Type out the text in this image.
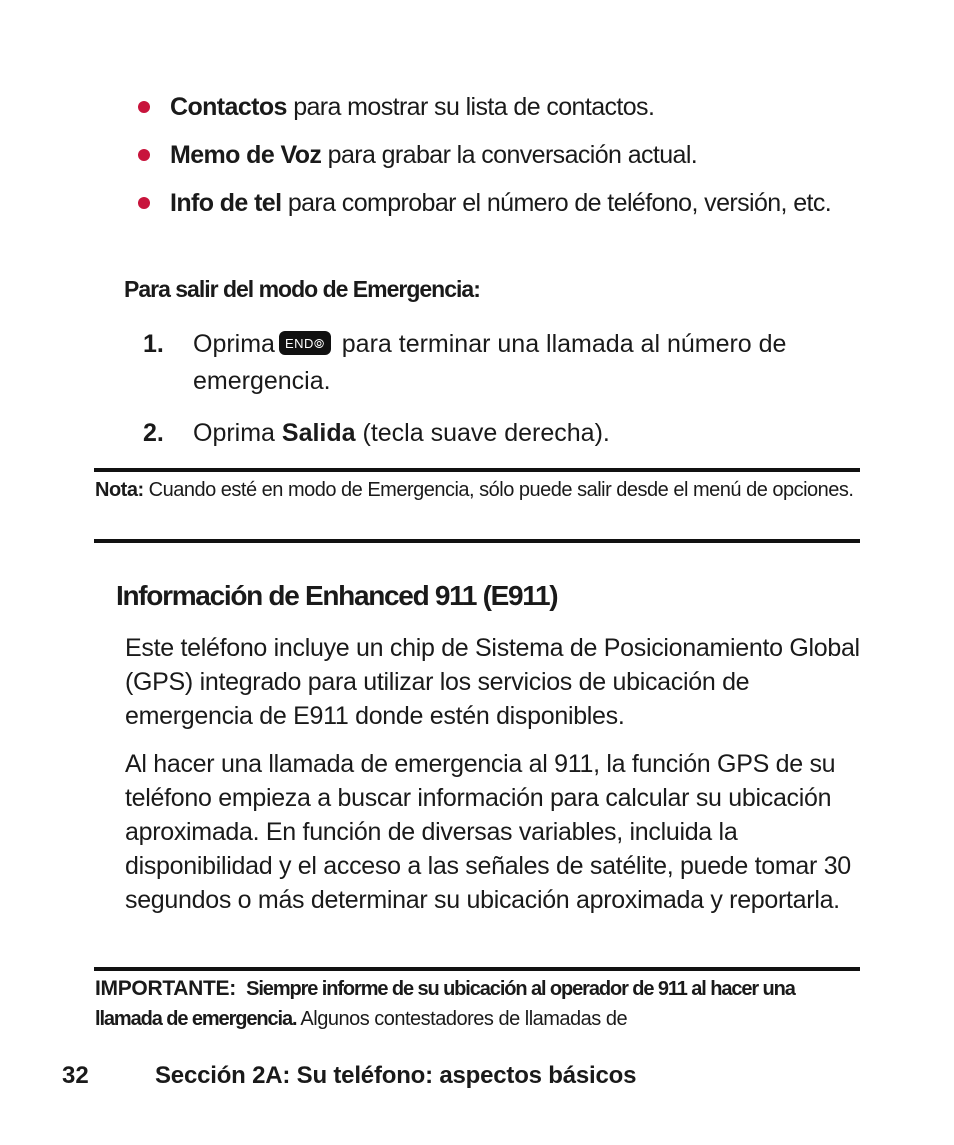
Contactos para mostrar su lista de contactos.
Memo de Voz para grabar la conversación actual.
Info de tel para comprobar el número de teléfono, versión, etc.
Para salir del modo de Emergencia:
1. Oprima END⦾ para terminar una llamada al número de emergencia.
2. Oprima Salida (tecla suave derecha).
Nota: Cuando esté en modo de Emergencia, sólo puede salir desde el menú de opciones.
Información de Enhanced 911 (E911)
Este teléfono incluye un chip de Sistema de Posicionamiento Global (GPS) integrado para utilizar los servicios de ubicación de emergencia de E911 donde estén disponibles.
Al hacer una llamada de emergencia al 911, la función GPS de su teléfono empieza a buscar información para calcular su ubicación aproximada. En función de diversas variables, incluida la disponibilidad y el acceso a las señales de satélite, puede tomar 30 segundos o más determinar su ubicación aproximada y reportarla.
IMPORTANTE: Siempre informe de su ubicación al operador de 911 al hacer una llamada de emergencia. Algunos contestadores de llamadas de
32	Sección 2A: Su teléfono: aspectos básicos
